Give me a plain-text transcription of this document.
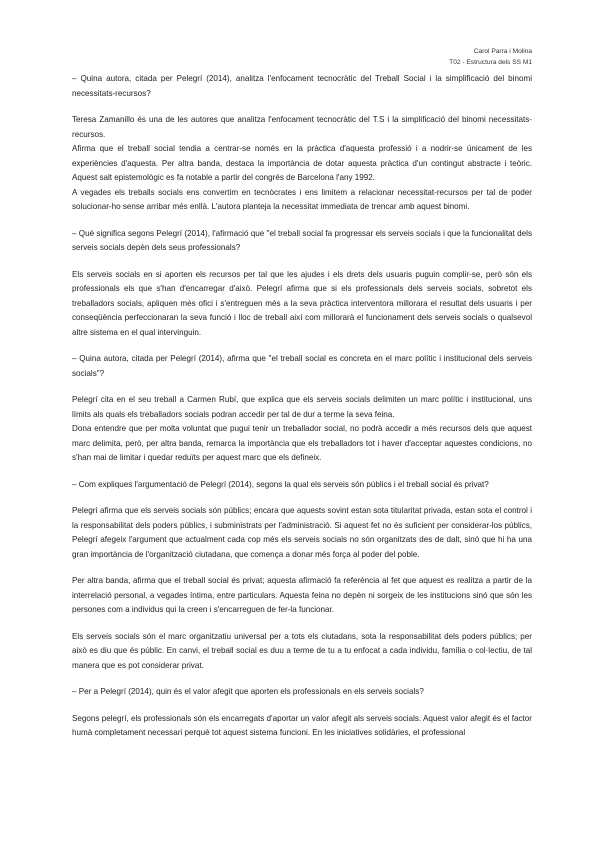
Carol Parra i Molina
T02 - Estructura dels SS M1
– Quina autora, citada per Pelegrí (2014), analitza l'enfocament tecnocràtic del Treball Social i la simplificació del binomi necessitats-recursos?
Teresa Zamanillo és una de les autores que analitza l'enfocament tecnocràtic del T.S i la simplificació del binomi necessitats-recursos.
Afirma que el treball social tendia a centrar-se només en la pràctica d'aquesta professió i a nodrir-se únicament de les experiències d'aquesta. Per altra banda, destaca la importància de dotar aquesta pràctica d'un contingut abstracte i teòric. Aquest salt epistemològic es fa notable a partir del congrés de Barcelona l'any 1992.
A vegades els treballs socials ens convertim en tecnòcrates i ens limitem a relacionar necessitat-recursos per tal de poder solucionar-ho sense arribar més enllà. L'autora planteja la necessitat immediata de trencar amb aquest binomi.
– Què significa segons Pelegrí (2014), l'afirmació que "el treball social fa progressar els serveis socials i que la funcionalitat dels serveis socials depèn dels seus professionals?
Els serveis socials en si aporten els recursos per tal que les ajudes i els drets dels usuaris puguin complir-se, però són els professionals els que s'han d'encarregar d'això. Pelegrí afirma que si els professionals dels serveis socials, sobretot els treballadors socials, apliquen més ofici i s'entreguen més a la seva pràctica interventora millorara el resultat dels usuaris i per conseqüència perfeccionaran la seva funció i lloc de treball així com millorarà el funcionament dels serveis socials o qualsevol altre sistema en el qual intervinguin.
– Quina autora, citada per Pelegrí (2014), afirma que "el treball social es concreta en el marc polític i institucional dels serveis socials"?
Pelegrí cita en el seu treball a Carmen Rubí, que explica que els serveis socials delimiten un marc polític i institucional, uns límits als quals els treballadors socials podran accedir per tal de dur a terme la seva feina.
Dona entendre que per molta voluntat que pugui tenir un treballador social, no podrà accedir a més recursos dels que aquest marc delimita, però, per altra banda, remarca la importància que els treballadors tot i haver d'acceptar aquestes condicions, no s'han mai de limitar i quedar reduïts per aquest marc que els defineix.
– Com expliques l'argumentació de Pelegrí (2014), segons la qual els serveis són públics i el treball social és privat?
Pelegrí afirma que els serveis socials són públics; encara que aquests sovint estan sota titularitat privada, estan sota el control i la responsabilitat dels poders públics, i subministrats per l'administració. Si aquest fet no és suficient per considerar-los públics, Pelegrí afegeix l'argument que actualment cada cop més els serveis socials no són organitzats des de dalt, sinó que hi ha una gran importància de l'organització ciutadana, que comença a donar més força al poder del poble.
Per altra banda, afirma que el treball social és privat; aquesta afirmació fa referència al fet que aquest es realitza a partir de la interrelació personal, a vegades íntima, entre particulars. Aquesta feina no depèn ni sorgeix de les institucions sinó que són les persones com a individus qui la creen i s'encarreguen de fer-la funcionar.
Els serveis socials són el marc organitzatiu universal per a tots els ciutadans, sota la responsabilitat dels poders públics; per això es diu que és públic. En canvi, el treball social es duu a terme de tu a tu enfocat a cada individu, família o col·lectiu, de tal manera que es pot considerar privat.
– Per a Pelegrí (2014), quin és el valor afegit que aporten els professionals en els serveis socials?
Segons pelegrí, els professionals són els encarregats d'aportar un valor afegit als serveis socials. Aquest valor afegit és el factor humà completament necessari perquè tot aquest sistema funcioni. En les iniciatives solidàries, el professional
